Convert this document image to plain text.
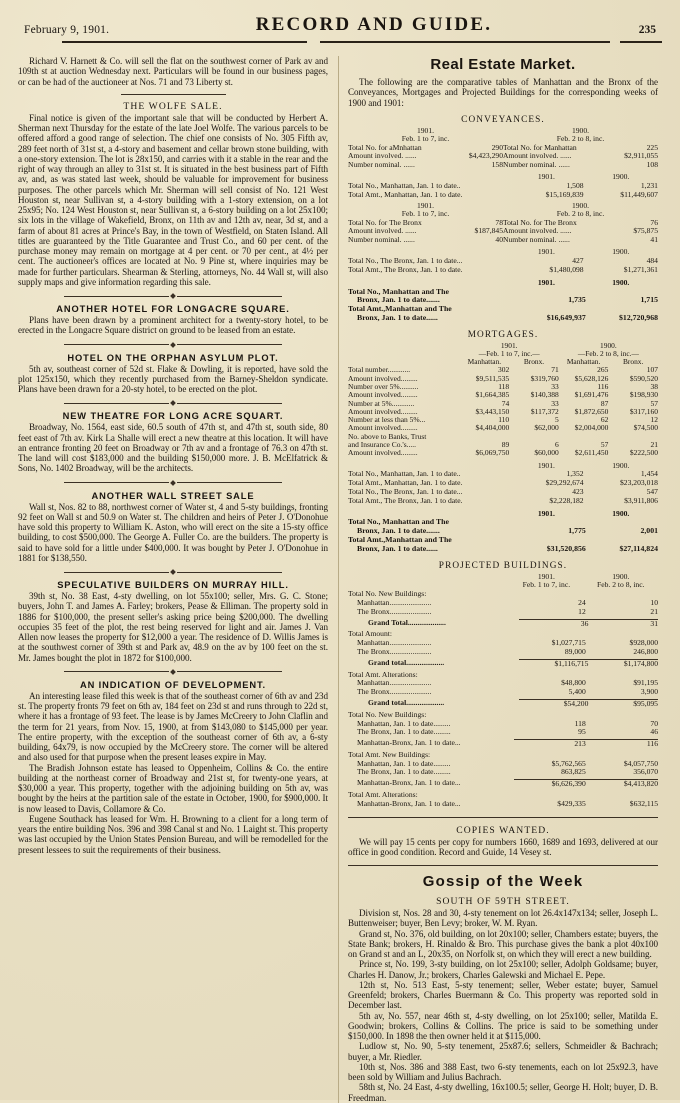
February 9, 1901.	RECORD AND GUIDE.	235

Richard V. Harnett & Co. will sell the flat on the southwest corner of Park av and 109th st at auction Wednesday next. Particulars will be found in our business pages, or can be had of the auctioneer at Nos. 71 and 73 Liberty st.

THE WOLFE SALE.

Final notice is given of the important sale that will be conducted by Herbert A. Sherman next Thursday for the estate of the late Joel Wolfe. The various parcels to be offered afford a good range of selection. The chief one consists of No. 305 Fifth av, 289 feet north of 31st st, a 4-story and basement and cellar brown stone building, with a one-story extension. The lot is 28x150, and carries with it a stable in the rear and the right of way through an alley to 31st st. It is situated in the best business part of Fifth av, and, as was stated last week, should be valuable for improvement for business purposes. The other parcels which Mr. Sherman will sell consist of No. 121 West Houston st, near Sullivan st, a 4-story building with a 1-story extension, on a lot 25x95; No. 124 West Houston st, near Sullivan st, a 6-story building on a lot 25x100; six lots in the village of Wakefield, Bronx, on 11th av and 12th av, near, 3d st, and a farm of about 81 acres at Prince's Bay, in the town of Westfield, on Staten Island. All titles are guaranteed by the Title Guarantee and Trust Co., and 60 per cent. of the purchase money may remain on mortgage at 4 per cent. or 70 per cent., at 4½ per cent. The auctioneer's offices are located at No. 9 Pine st, where inquiries may be made for further particulars. Shearman & Sterling, attorneys, No. 44 Wall st, will also supply maps and give information regarding this sale.

ANOTHER HOTEL FOR LONGACRE SQUARE.

Plans have been drawn by a prominent architect for a twenty-story hotel, to be erected in the Longacre Square district on ground to be leased from an estate.

HOTEL ON THE ORPHAN ASYLUM PLOT.

5th av, southeast corner of 52d st. Flake & Dowling, it is reported, have sold the plot 125x150, which they recently purchased from the Barney-Sheldon syndicate. Plans have been drawn for a 20-sty hotel, to be erected on the plot.

NEW THEATRE FOR LONG ACRE SQUART.

Broadway, No. 1564, east side, 60.5 south of 47th st, and 47th st, south side, 80 feet east of 7th av. Kirk La Shalle will erect a new theatre at this location. It will have an entrance fronting 20 feet on Broadway or 7th av and a frontage of 76.3 on 47th st. The land will cost $183,000 and the building $150,000 more. J. B. McElfatrick & Sons, No. 1402 Broadway, will be the architects.

ANOTHER WALL STREET SALE

Wall st, Nos. 82 to 88, northwest corner of Water st, 4 and 5-sty buildings, fronting 92 feet on Wall st and 50.9 on Water st. The children and heirs of Peter J. O'Donohue have sold this property to William K. Aston, who will erect on the site a 15-sty office building, to cost $500,000. The George A. Fuller Co. are the builders. The property is said to have sold for a little under $400,000. It was bought by Peter J. O'Donohue in 1881 for $138,550.

SPECULATIVE BUILDERS ON MURRAY HILL.

39th st, No. 38 East, 4-sty dwelling, on lot 55x100; seller, Mrs. G. C. Stone; buyers, John T. and James A. Farley; brokers, Pease & Elliman. The property sold in 1886 for $100,000, the present seller's asking price being $200,000. The dwelling occupies 35 feet of the plot, the rest being reserved for light and air. James J. Van Allen now leases the property for $12,000 a year. The residence of D. Willis James is at the southwest corner of 39th st and Park av, 48.9 on the av by 100 feet on the st. Mr. James bought the plot in 1872 for $100,000.

AN INDICATION OF DEVELOPMENT.

An interesting lease filed this week is that of the southeast corner of 6th av and 23d st. The property fronts 79 feet on 6th av, 184 feet on 23d st and runs through to 22d st, where it has a frontage of 93 feet. The lease is by James McCreery to John Claflin and the term for 21 years, from Nov. 15, 1900, at from $143,080 to $145,000 per year. The entire property, with the exception of the southeast corner of 6th av, a 6-sty building, 64x79, is now occupied by the McCreery store. The corner will be altered and also used for that purpose when the present leases expire in May.

The Bradish Johnson estate has leased to Oppenheim, Collins & Co. the entire building at the northeast corner of Broadway and 21st st, for twenty-one years, at $30,000 a year. This property, together with the adjoining building on 5th av, was bought by the heirs at the partition sale of the estate in October, 1900, for $900,000. It is now leased to Davis, Collamore & Co.

Eugene Southack has leased for Wm. H. Browning to a client for a long term of years the entire building Nos. 396 and 398 Canal st and No. 1 Laight st. This property was last occupied by the Union States Pension Bureau, and will be remodelled for the present lessees to suit the requirements of their business.

Real Estate Market.

The following are the comparative tables of Manhattan and the Bronx of the Conveyances, Mortgages and Projected Buildings for the corresponding weeks of 1900 and 1901:

CONVEYANCES.
1901.
Feb. 1 to 7, inc.
Total No. for aMnhattan	290
Amount involved. ......	$4,423,290
Number nominal. ......	158
1900.
Feb. 2 to 8, inc.
Total No. for Manhattan	225
Amount involved. ......	$2,911,055
Number nominal. ......	108
1901.	1900.
Total No., Manhattan, Jan. 1 to date..	1,508	1,231
Total Amt., Manhattan, Jan. 1 to date.	$15,169,839	$11,449,607
1901.
Feb. 1 to 7, inc.
Total No. for The Bronx	78
Amount involved. ......	$187,845
Number nominal. ......	40
1900.
Feb. 2 to 8, inc.
Total No. for The Bronx	76
Amount involved. ......	$75,875
Number nominal. ......	41
1901.	1900.
Total No., The Bronx, Jan. 1 to date...	427	484
Total Amt., The Bronx, Jan. 1 to date.	$1,480,098	$1,271,361
1901.	1900.
Total No., Manhattan and The
Bronx, Jan. 1 to date.......	1,735	1,715
Total Amt.,Manhattan and The
Bronx, Jan. 1 to date......	$16,649,937	$12,720,968
MORTGAGES.
1901.	1900.
—Feb. 1 to 7, inc.—	—Feb. 2 to 8, inc.—
Manhattan.	Bronx.	Manhattan.	Bronx.
Total number............	302	71	265	107
Amount involved.........	$9,511,535	$319,760	$5,628,126	$590,520
Number over 5%..........	118	33	116	38
Amount involved.........	$1,664,385	$140,388	$1,691,476	$198,930
Number at 5%............	74	33	87	57
Amount involved.........	$3,443,150	$117,372	$1,872,650	$317,160
Number at less than 5%...	110	5	62	12
Amount involved.........	$4,404,000	$62,000	$2,004,000	$74,500
No. above to Banks, Trust
and Insurance Co.'s.....	89	6	57	21
Amount involved.........	$6,069,750	$60,000	$2,611,450	$222,500
1901.	1900.
Total No., Manhattan, Jan. 1 to date..	1,352	1,454
Total Amt., Manhattan, Jan. 1 to date.	$29,292,674	$23,203,018
Total No., The Bronx, Jan. 1 to date...	423	547
Total Amt., The Bronx, Jan. 1 to date.	$2,228,182	$3,911,806
1901.	1900.
Total No., Manhattan and The
Bronx, Jan. 1 to date.......	1,775	2,001
Total Amt.,Manhattan and The
Bronx, Jan. 1 to date......	$31,520,856	$27,114,824
PROJECTED BUILDINGS.
1901.	1900.
Feb. 1 to 7, inc.	Feb. 2 to 8, inc.
Total No. New Buildings:
Manhattan......................	24	10
The Bronx......................	12	21
Grand Total....................	36	31
Total Amount:
Manhattan......................	$1,027,715	$928,000
The Bronx......................	89,000	246,800
Grand total....................	$1,116,715	$1,174,800
Total Amt. Alterations:
Manhattan......................	$48,800	$91,195
The Bronx......................	5,400	3,900
Grand total....................	$54,200	$95,095
Total No. New Buildings:
Manhattan, Jan. 1 to date.........	118	70
The Bronx, Jan. 1 to date.........	95	46
Manhattan-Bronx, Jan. 1 to date...	213	116
Total Amt. New Buildings:
Manhattan, Jan. 1 to date.........	$5,762,565	$4,057,750
The Bronx, Jan. 1 to date.........	863,825	356,070
Manhattan-Bronx, Jan. 1 to date...	$6,626,390	$4,413,820
Total Amt. Alterations:
Manhattan-Bronx, Jan. 1 to date...	$429,335	$632,115
COPIES WANTED.

We will pay 15 cents per copy for numbers 1660, 1689 and 1693, delivered at our office in good condition. Record and Guide, 14 Vesey st.

Gossip of the Week
SOUTH OF 59TH STREET.

Division st, Nos. 28 and 30, 4-sty tenement on lot 26.4x147x134; seller, Joseph L. Buttenweiser; buyer, Ben Levy; broker, W. M. Ryan.

Grand st, No. 376, old building, on lot 20x100; seller, Chambers estate; buyers, the State Bank; brokers, H. Rinaldo & Bro. This purchase gives the bank a plot 40x100 on Grand st and an L, 20x35, on Norfolk st, on which they will erect a new building.

Prince st, No. 199, 3-sty building, on lot 25x100; seller, Adolph Goldsame; buyer, Charles H. Danow, Jr.; brokers, Charles Galewski and Michael E. Pepe.

12th st, No. 513 East, 5-sty tenement; seller, Weber estate; buyer, Samuel Greenfeld; brokers, Charles Buermann & Co. This property was reported sold in December last.

5th av, No. 557, near 46th st, 4-sty dwelling, on lot 25x100; seller, Matilda E. Goodwin; brokers, Collins & Collins. The price is said to be something under $150,000. In 1898 the then owner held it at $115,000.

Ludlow st, No. 90, 5-sty tenement, 25x87.6; sellers, Schmeidler & Bachrach; buyer, a Mr. Riedler.

10th st, Nos. 386 and 388 East, two 6-sty tenements, each on lot 25x92.3, have been sold by William and Julius Bachrach.

58th st, No. 24 East, 4-sty dwelling, 16x100.5; seller, George H. Holt; buyer, D. B. Freedman.
